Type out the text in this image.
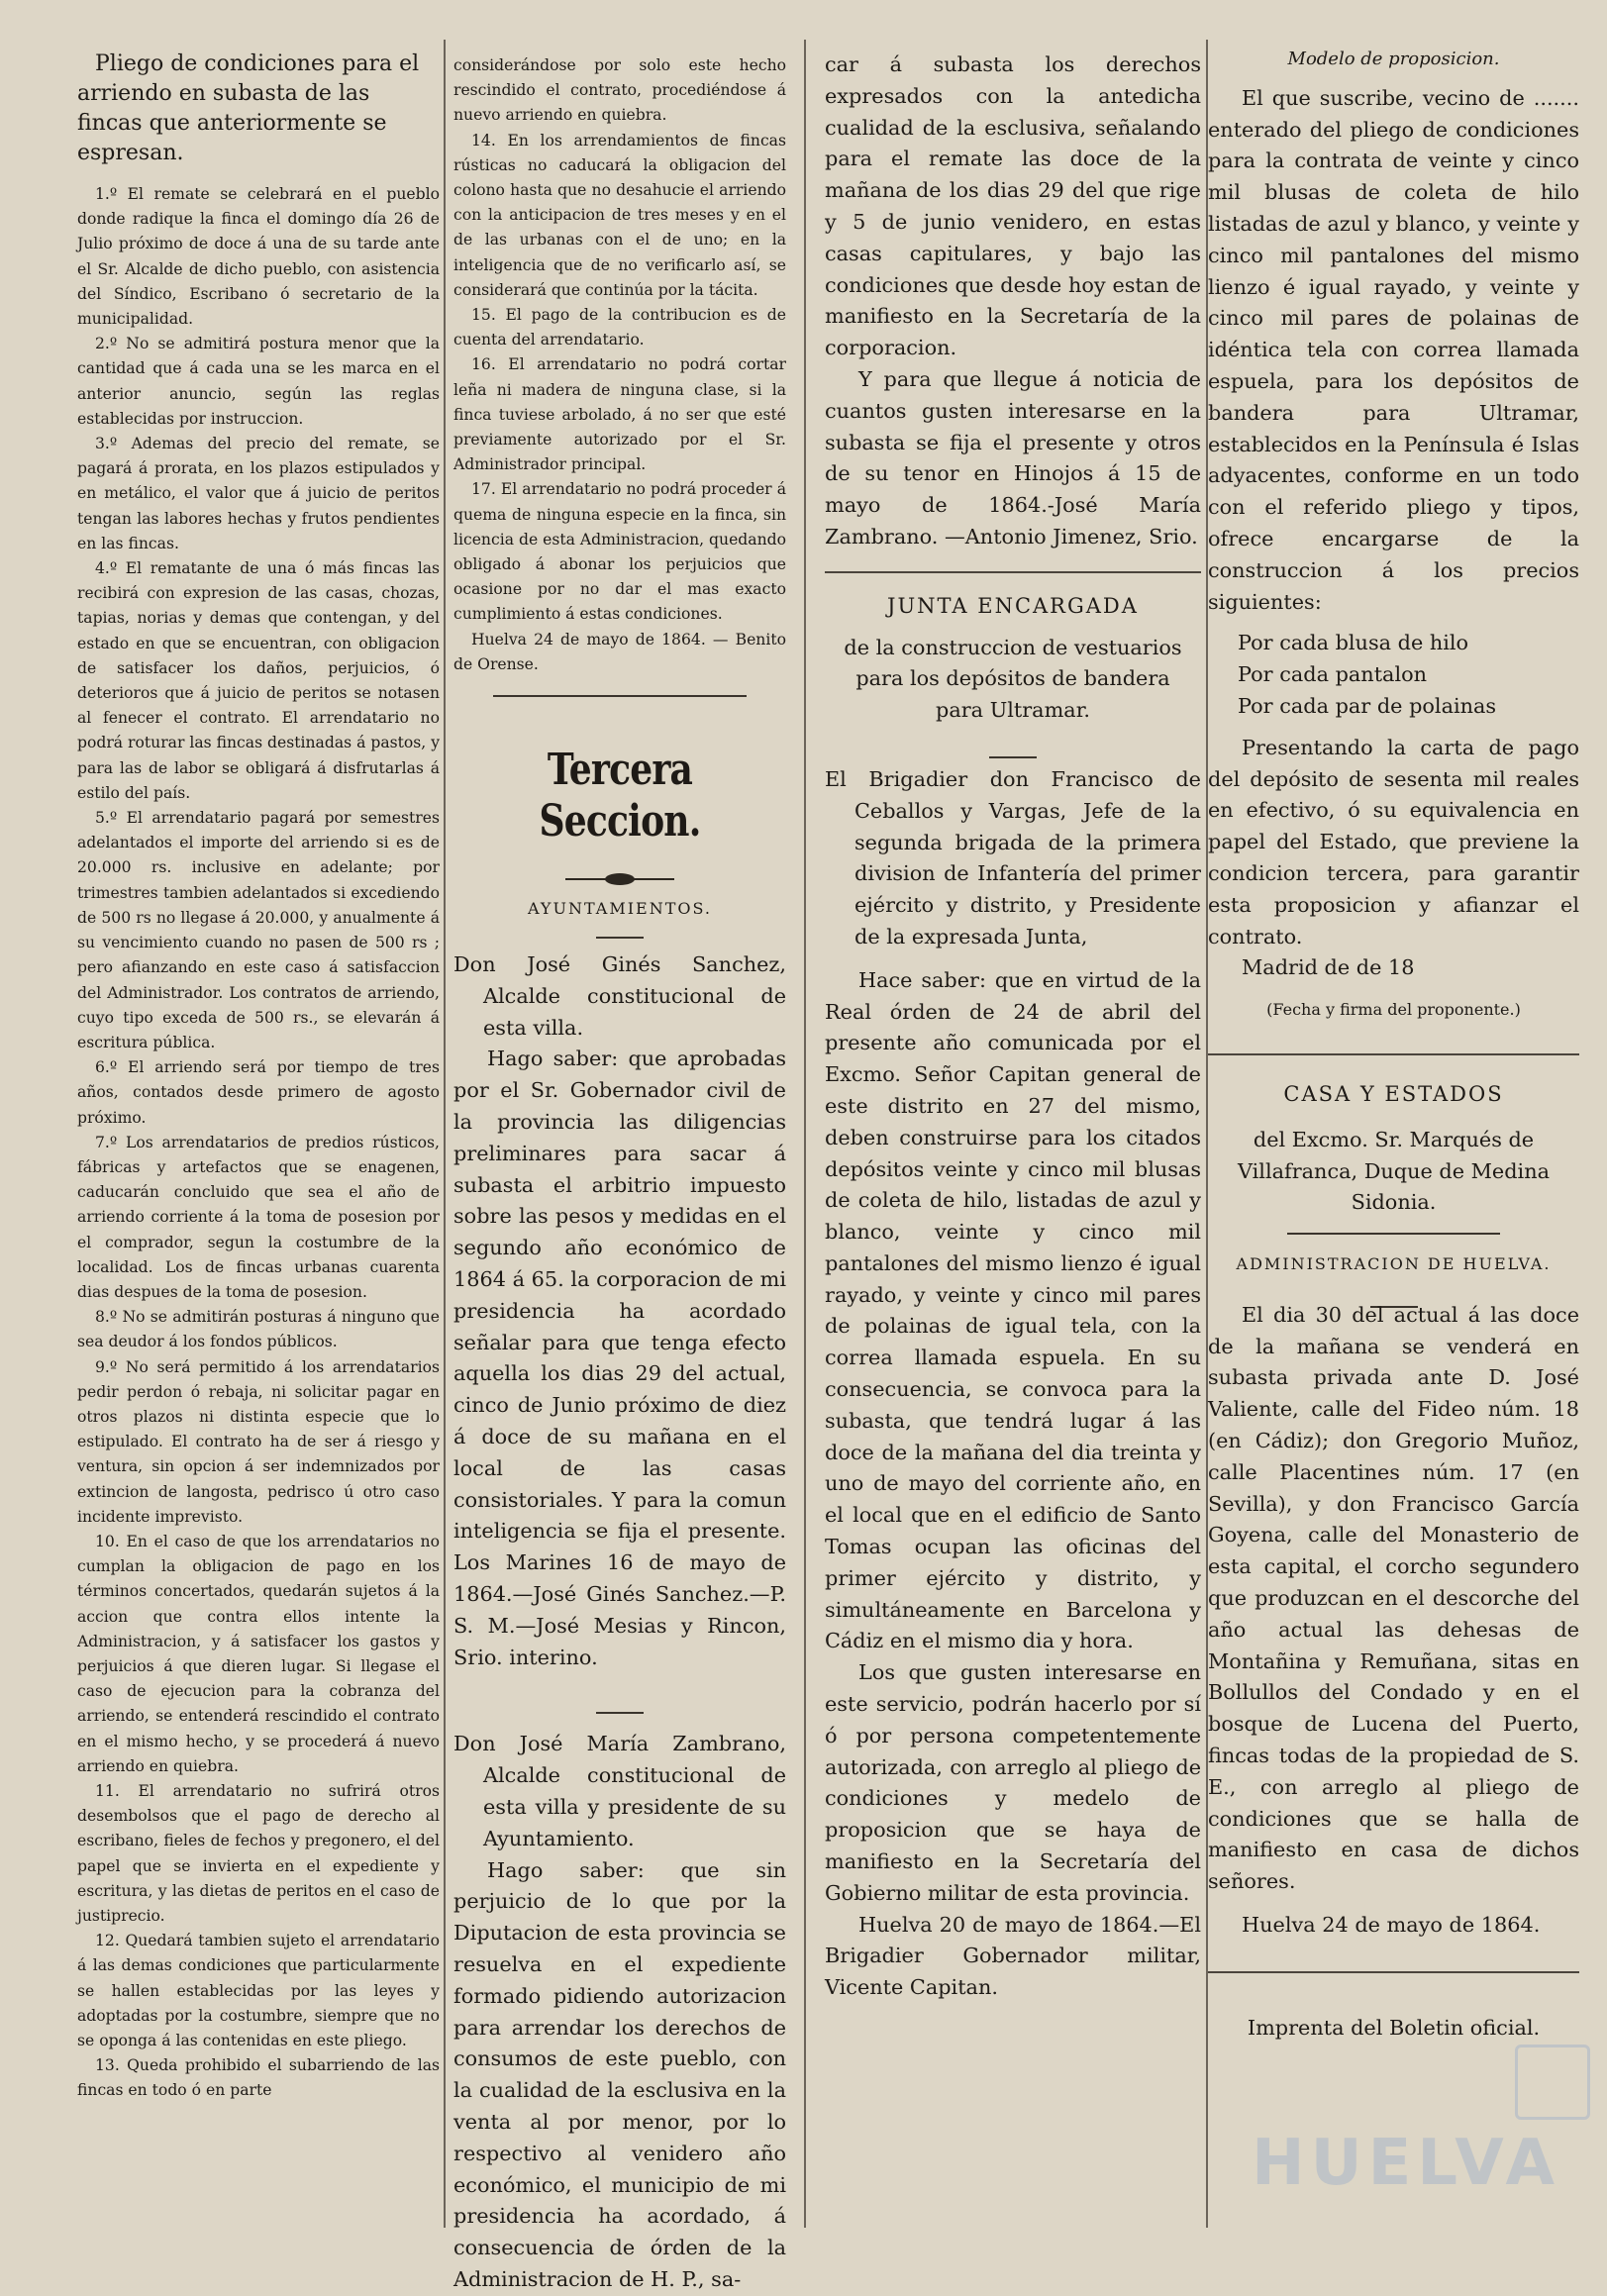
Pliego de condiciones para el arriendo en subasta de las fincas que anteriormente se espresan.

1.º El remate se celebrará en el pueblo donde radique la finca el domingo día 26 de Julio próximo de doce á una de su tarde ante el Sr. Alcalde de dicho pueblo, con asistencia del Síndico, Escribano ó secretario de la municipalidad.

2.º No se admitirá postura menor que la cantidad que á cada una se les marca en el anterior anuncio, según las reglas establecidas por instruccion.

3.º Ademas del precio del remate, se pagará á prorata, en los plazos estipulados y en metálico, el valor que á juicio de peritos tengan las labores hechas y frutos pendientes en las fincas.

4.º El rematante de una ó más fincas las recibirá con expresion de las casas, chozas, tapias, norias y demas que contengan, y del estado en que se encuentran, con obligacion de satisfacer los daños, perjuicios, ó deterioros que á juicio de peritos se notasen al fenecer el contrato. El arrendatario no podrá roturar las fincas destinadas á pastos, y para las de labor se obligará á disfrutarlas á estilo del país.

5.º El arrendatario pagará por semestres adelantados el importe del arriendo si es de 20.000 rs. inclusive en adelante; por trimestres tambien adelantados si excediendo de 500 rs no llegase á 20.000, y anualmente á su vencimiento cuando no pasen de 500 rs ; pero afianzando en este caso á satisfaccion del Administrador. Los contratos de arriendo, cuyo tipo exceda de 500 rs., se elevarán á escritura pública.

6.º El arriendo será por tiempo de tres años, contados desde primero de agosto próximo.

7.º Los arrendatarios de predios rústicos, fábricas y artefactos que se enagenen, caducarán concluido que sea el año de arriendo corriente á la toma de posesion por el comprador, segun la costumbre de la localidad. Los de fincas urbanas cuarenta dias despues de la toma de posesion.

8.º No se admitirán posturas á ninguno que sea deudor á los fondos públicos.

9.º No será permitido á los arrendatarios pedir perdon ó rebaja, ni solicitar pagar en otros plazos ni distinta especie que lo estipulado. El contrato ha de ser á riesgo y ventura, sin opcion á ser indemnizados por extincion de langosta, pedrisco ú otro caso incidente imprevisto.

10. En el caso de que los arrendatarios no cumplan la obligacion de pago en los términos concertados, quedarán sujetos á la accion que contra ellos intente la Administracion, y á satisfacer los gastos y perjuicios á que dieren lugar. Si llegase el caso de ejecucion para la cobranza del arriendo, se entenderá rescindido el contrato en el mismo hecho, y se procederá á nuevo arriendo en quiebra.

11. El arrendatario no sufrirá otros desembolsos que el pago de derecho al escribano, fieles de fechos y pregonero, el del papel que se invierta en el expediente y escritura, y las dietas de peritos en el caso de justiprecio.

12. Quedará tambien sujeto el arrendatario á las demas condiciones que particularmente se hallen establecidas por las leyes y adoptadas por la costumbre, siempre que no se oponga á las contenidas en este pliego.

13. Queda prohibido el subarriendo de las fincas en todo ó en parte

considerándose por solo este hecho rescindido el contrato, procediéndose á nuevo arriendo en quiebra.

14. En los arrendamientos de fincas rústicas no caducará la obligacion del colono hasta que no desahucie el arriendo con la anticipacion de tres meses y en el de las urbanas con el de uno; en la inteligencia que de no verificarlo así, se considerará que continúa por la tácita.

15. El pago de la contribucion es de cuenta del arrendatario.

16. El arrendatario no podrá cortar leña ni madera de ninguna clase, si la finca tuviese arbolado, á no ser que esté previamente autorizado por el Sr. Administrador principal.

17. El arrendatario no podrá proceder á quema de ninguna especie en la finca, sin licencia de esta Administracion, quedando obligado á abonar los perjuicios que ocasione por no dar el mas exacto cumplimiento á estas condiciones.

Huelva 24 de mayo de 1864. — Benito de Orense.

Tercera Seccion.
AYUNTAMIENTOS.

Don José Ginés Sanchez, Alcalde constitucional de esta villa.

Hago saber: que aprobadas por el Sr. Gobernador civil de la provincia las diligencias preliminares para sacar á subasta el arbitrio impuesto sobre las pesos y medidas en el segundo año económico de 1864 á 65. la corporacion de mi presidencia ha acordado señalar para que tenga efecto aquella los dias 29 del actual, cinco de Junio próximo de diez á doce de su mañana en el local de las casas consistoriales. Y para la comun inteligencia se fija el presente. Los Marines 16 de mayo de 1864.—José Ginés Sanchez.—P. S. M.—José Mesias y Rincon, Srio. interino.

Don José María Zambrano, Alcalde constitucional de esta villa y presidente de su Ayuntamiento.

Hago saber: que sin perjuicio de lo que por la Diputacion de esta provincia se resuelva en el expediente formado pidiendo autorizacion para arrendar los derechos de consumos de este pueblo, con la cualidad de la esclusiva en la venta al por menor, por lo respectivo al venidero año económico, el municipio de mi presidencia ha acordado, á consecuencia de órden de la Administracion de H. P., sa-

car á subasta los derechos expresados con la antedicha cualidad de la esclusiva, señalando para el remate las doce de la mañana de los dias 29 del que rige y 5 de junio venidero, en estas casas capitulares, y bajo las condiciones que desde hoy estan de manifiesto en la Secretaría de la corporacion.

Y para que llegue á noticia de cuantos gusten interesarse en la subasta se fija el presente y otros de su tenor en Hinojos á 15 de mayo de 1864.-José María Zambrano. —Antonio Jimenez, Srio.

JUNTA ENCARGADA

de la construccion de vestuarios para los depósitos de bandera para Ultramar.

El Brigadier don Francisco de Ceballos y Vargas, Jefe de la segunda brigada de la primera division de Infantería del primer ejército y distrito, y Presidente de la expresada Junta,

Hace saber: que en virtud de la Real órden de 24 de abril del presente año comunicada por el Excmo. Señor Capitan general de este distrito en 27 del mismo, deben construirse para los citados depósitos veinte y cinco mil blusas de coleta de hilo, listadas de azul y blanco, veinte y cinco mil pantalones del mismo lienzo é igual rayado, y veinte y cinco mil pares de polainas de igual tela, con la correa llamada espuela. En su consecuencia, se convoca para la subasta, que tendrá lugar á las doce de la mañana del dia treinta y uno de mayo del corriente año, en el local que en el edificio de Santo Tomas ocupan las oficinas del primer ejército y distrito, y simultáneamente en Barcelona y Cádiz en el mismo dia y hora.

Los que gusten interesarse en este servicio, podrán hacerlo por sí ó por persona competentemente autorizada, con arreglo al pliego de condiciones y medelo de proposicion que se haya de manifiesto en la Secretaría del Gobierno militar de esta provincia.

Huelva 20 de mayo de 1864.—El Brigadier Gobernador militar, Vicente Capitan.

Modelo de proposicion.

El que suscribe, vecino de ....... enterado del pliego de condiciones para la contrata de veinte y cinco mil blusas de coleta de hilo listadas de azul y blanco, y veinte y cinco mil pantalones del mismo lienzo é igual rayado, y veinte y cinco mil pares de polainas de idéntica tela con correa llamada espuela, para los depósitos de bandera para Ultramar, establecidos en la Península é Islas adyacentes, conforme en un todo con el referido pliego y tipos, ofrece encargarse de la construccion á los precios siguientes:

Por cada blusa de hilo

Por cada pantalon

Por cada par de polainas

Presentando la carta de pago del depósito de sesenta mil reales en efectivo, ó su equivalencia en papel del Estado, que previene la condicion tercera, para garantir esta proposicion y afianzar el contrato.

Madrid de de 18

(Fecha y firma del proponente.)

CASA Y ESTADOS

del Excmo. Sr. Marqués de Villafranca, Duque de Medina Sidonia.

ADMINISTRACION DE HUELVA.

El dia 30 del actual á las doce de la mañana se venderá en subasta privada ante D. José Valiente, calle del Fideo núm. 18 (en Cádiz); don Gregorio Muñoz, calle Placentines núm. 17 (en Sevilla), y don Francisco García Goyena, calle del Monasterio de esta capital, el corcho segundero que produzcan en el descorche del año actual las dehesas de Montañina y Remuñana, sitas en Bollullos del Condado y en el bosque de Lucena del Puerto, fincas todas de la propiedad de S. E., con arreglo al pliego de condiciones que se halla de manifiesto en casa de dichos señores.

Huelva 24 de mayo de 1864.

Imprenta del Boletin oficial.

HUELVA
